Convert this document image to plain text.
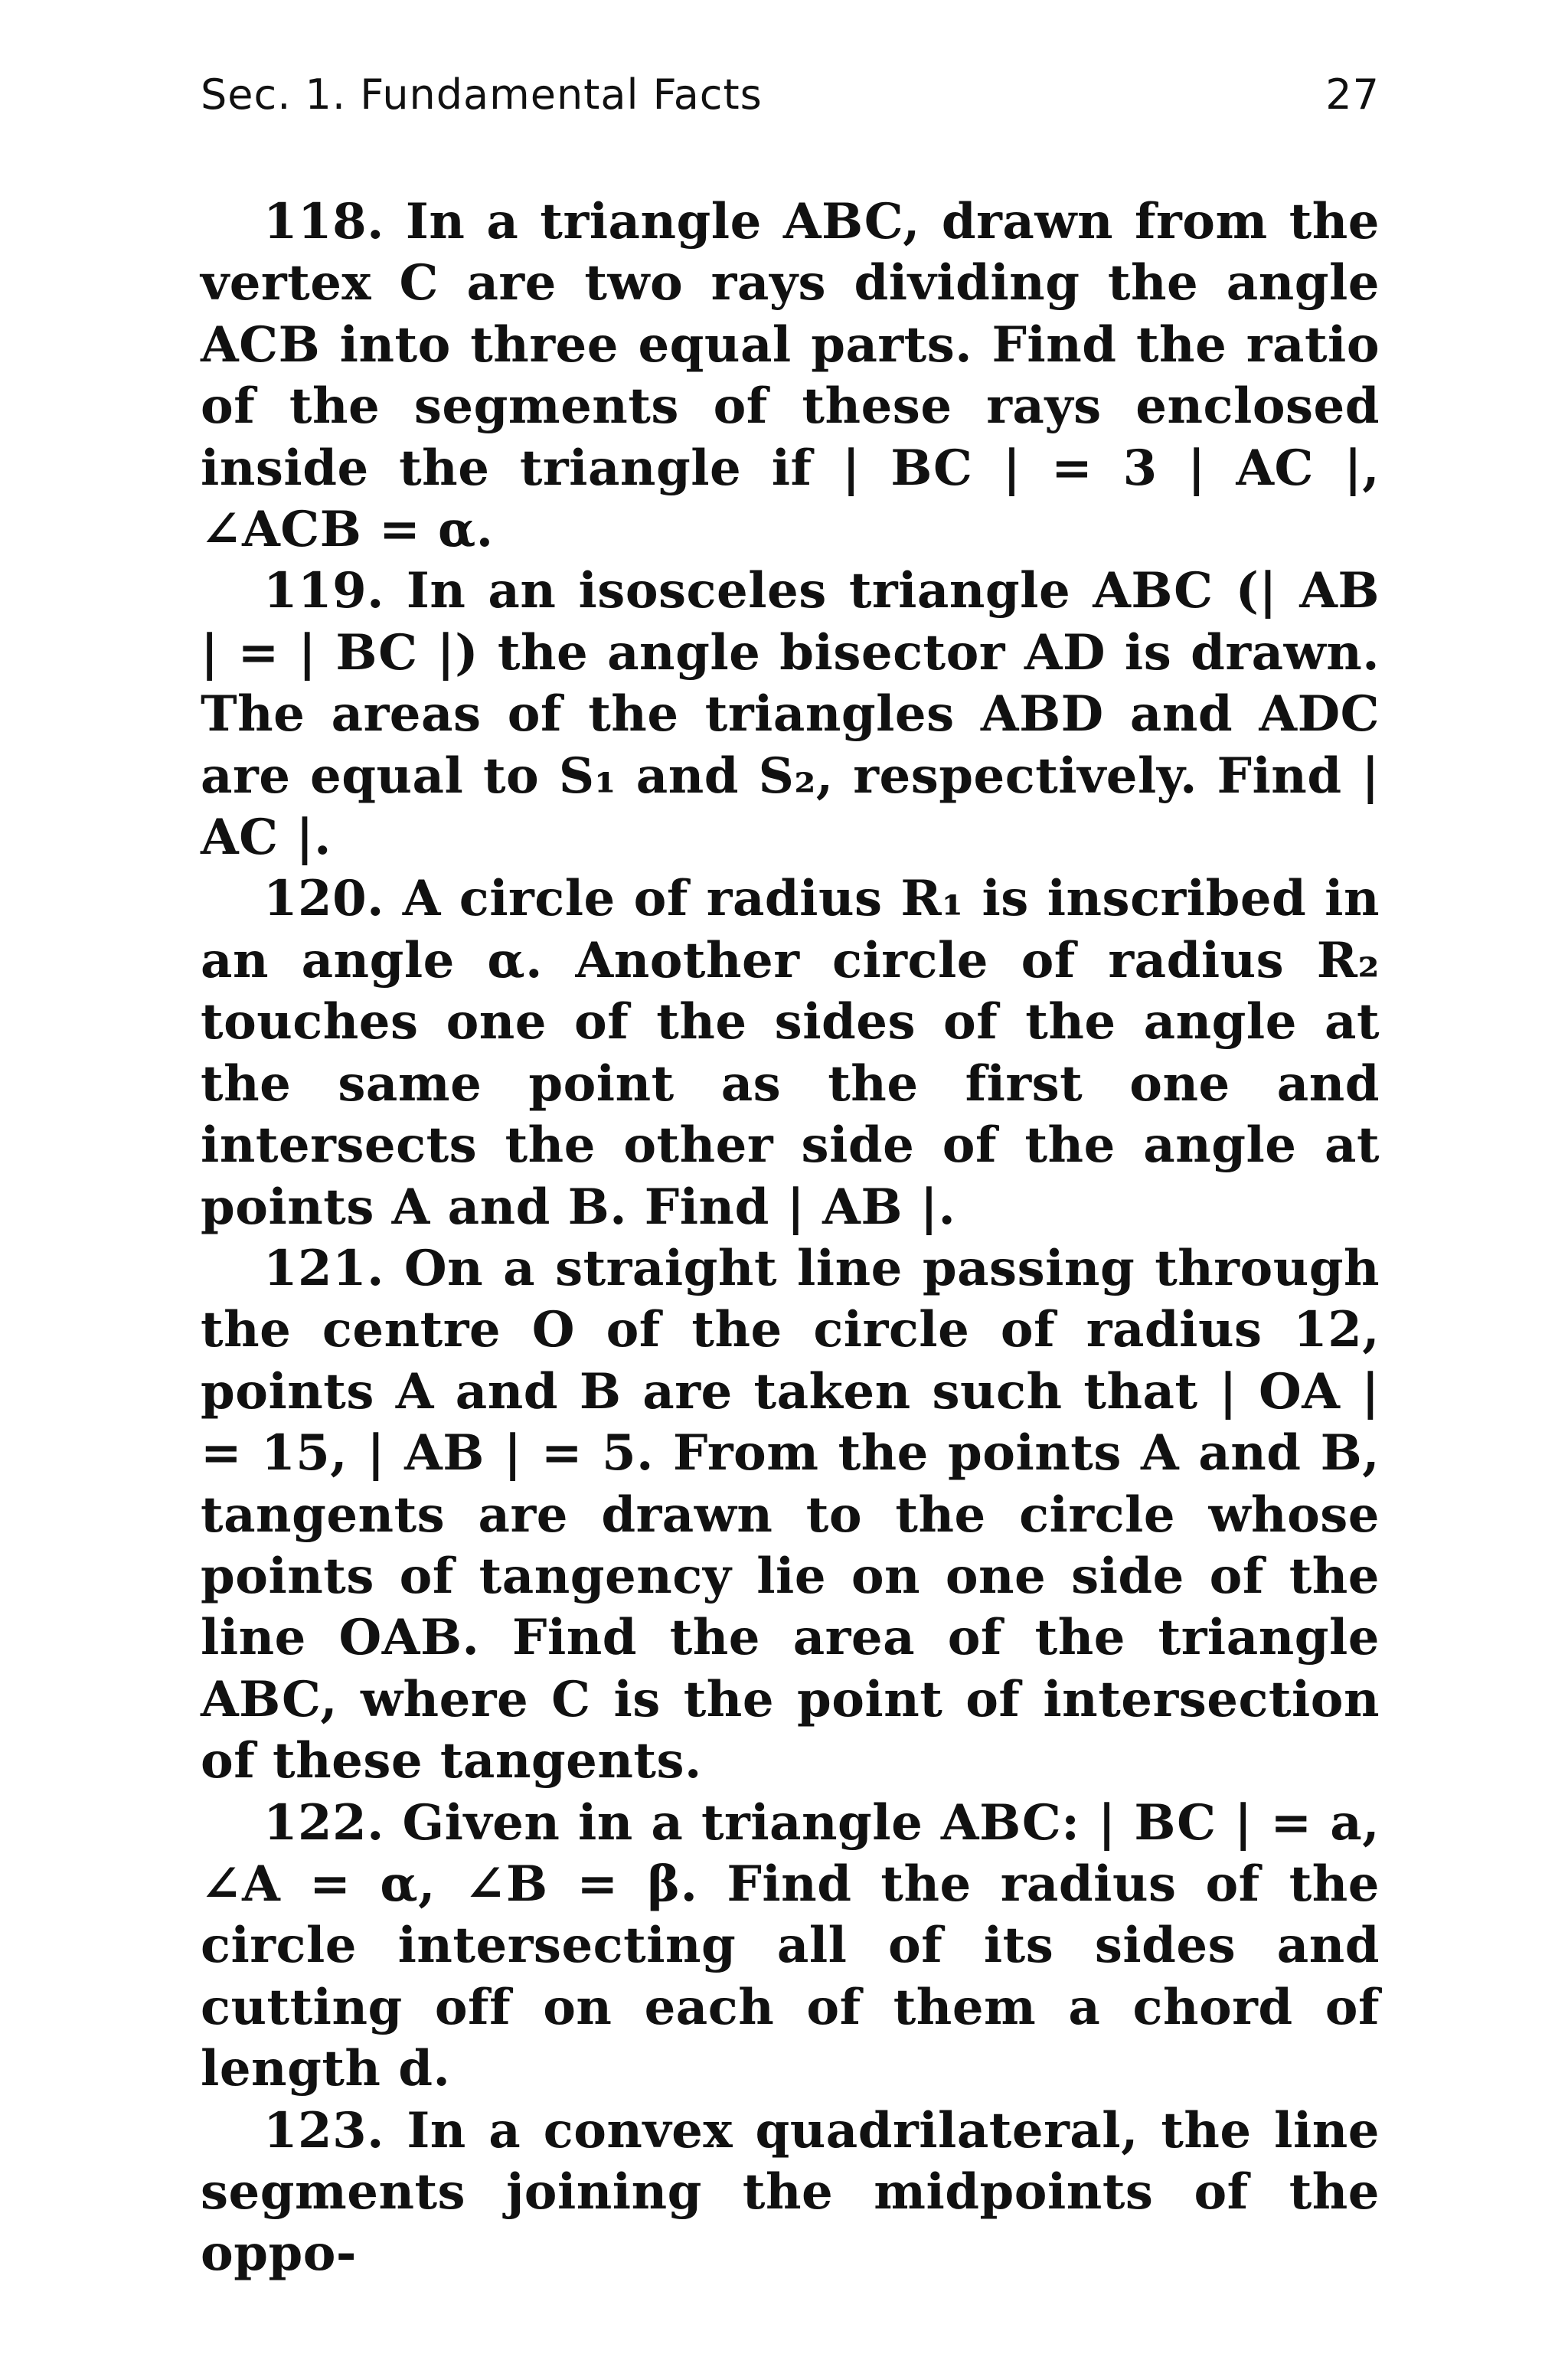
Sec. 1. Fundamental Facts	27

118. In a triangle ABC, drawn from the vertex C are two rays dividing the angle ACB into three equal parts. Find the ratio of the segments of these rays enclosed inside the triangle if | BC | = 3 | AC |, ∠ACB = α.

119. In an isosceles triangle ABC (| AB | = | BC |) the angle bisector AD is drawn. The areas of the triangles ABD and ADC are equal to S₁ and S₂, respectively. Find | AC |.

120. A circle of radius R₁ is inscribed in an angle α. Another circle of radius R₂ touches one of the sides of the angle at the same point as the first one and intersects the other side of the angle at points A and B. Find | AB |.

121. On a straight line passing through the centre O of the circle of radius 12, points A and B are taken such that | OA | = 15, | AB | = 5. From the points A and B, tangents are drawn to the circle whose points of tangency lie on one side of the line OAB. Find the area of the triangle ABC, where C is the point of intersection of these tangents.

122. Given in a triangle ABC: | BC | = a, ∠A = α, ∠B = β. Find the radius of the circle intersecting all of its sides and cutting off on each of them a chord of length d.

123. In a convex quadrilateral, the line segments joining the midpoints of the oppo-
